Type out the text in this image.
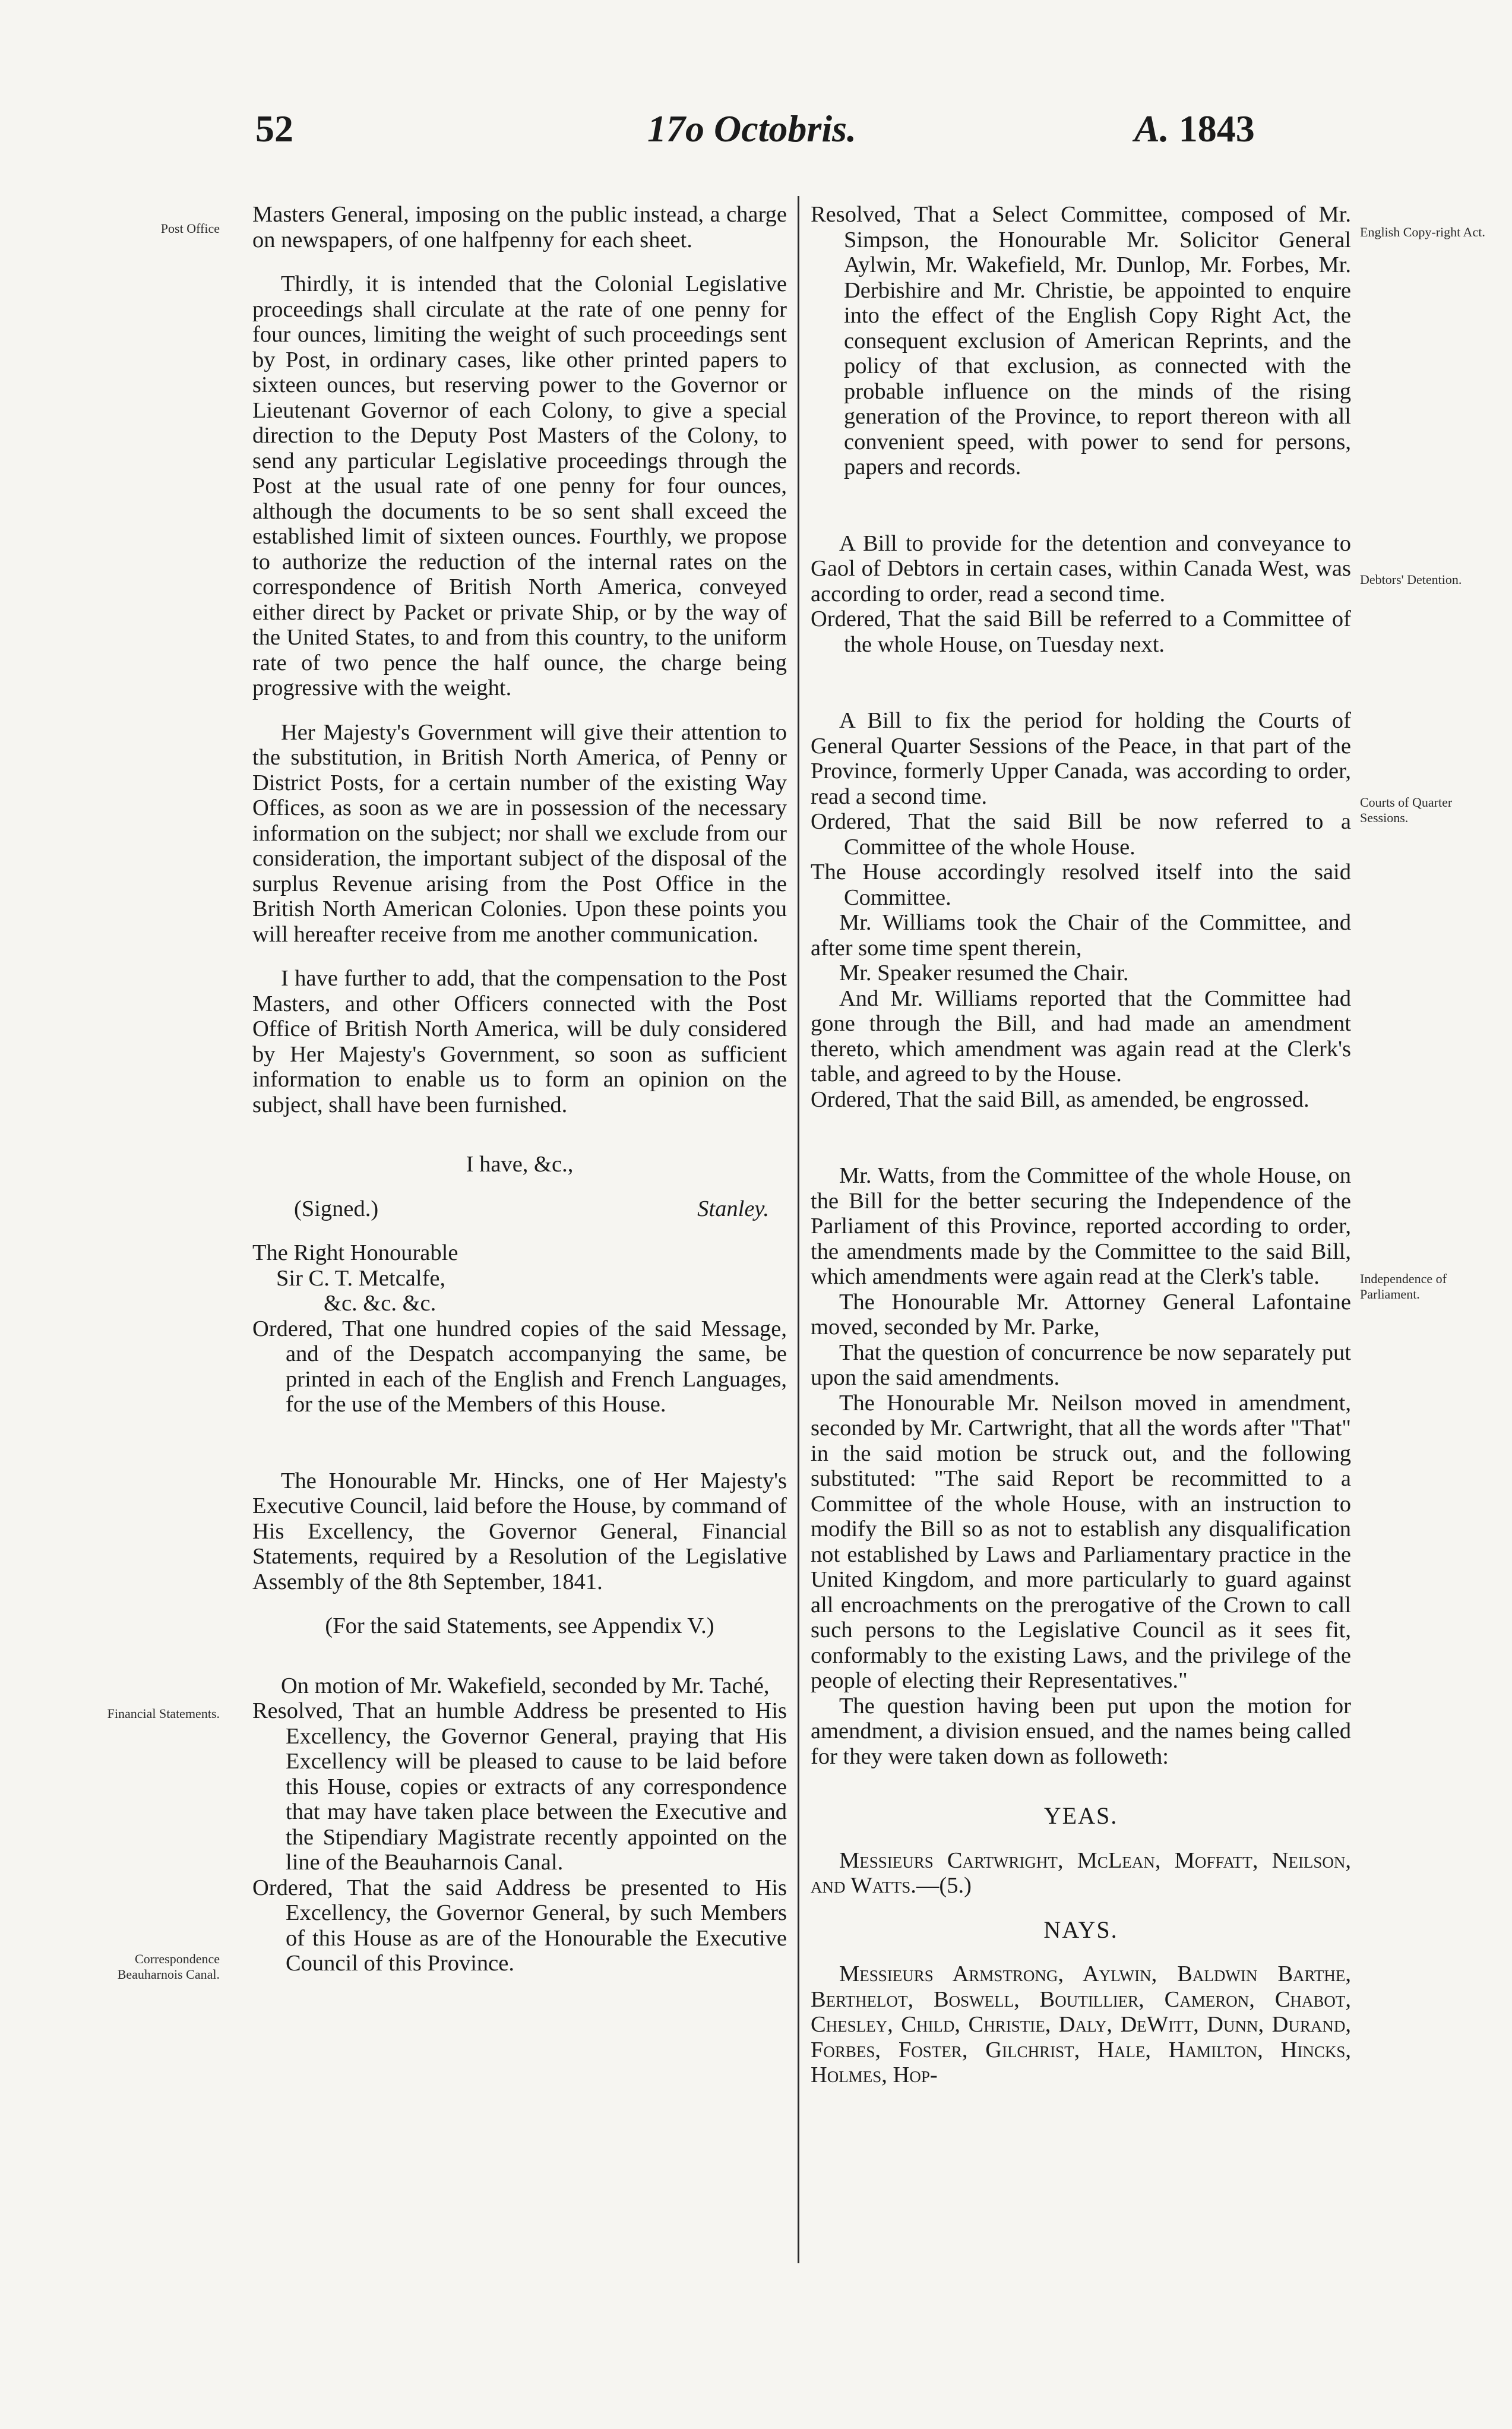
52	17o Octobris.	A. 1843
Post Office
Financial Statements.
Correspondence Beauharnois Canal.
English Copy-right Act.
Debtors' Detention.
Courts of Quarter Sessions.
Independence of Parliament.

Masters General, imposing on the public instead, a charge on newspapers, of one halfpenny for each sheet.

Thirdly, it is intended that the Colonial Legislative proceedings shall circulate at the rate of one penny for four ounces, limiting the weight of such proceedings sent by Post, in ordinary cases, like other printed papers to sixteen ounces, but reserving power to the Governor or Lieutenant Governor of each Colony, to give a special direction to the Deputy Post Masters of the Colony, to send any particular Legislative proceedings through the Post at the usual rate of one penny for four ounces, although the documents to be so sent shall exceed the established limit of sixteen ounces. Fourthly, we propose to authorize the reduction of the internal rates on the correspondence of British North America, conveyed either direct by Packet or private Ship, or by the way of the United States, to and from this country, to the uniform rate of two pence the half ounce, the charge being progressive with the weight.

Her Majesty's Government will give their attention to the substitution, in British North America, of Penny or District Posts, for a certain number of the existing Way Offices, as soon as we are in possession of the necessary information on the subject; nor shall we exclude from our consideration, the important subject of the disposal of the surplus Revenue arising from the Post Office in the British North American Colonies. Upon these points you will hereafter receive from me another communication.

I have further to add, that the compensation to the Post Masters, and other Officers connected with the Post Office of British North America, will be duly considered by Her Majesty's Government, so soon as sufficient information to enable us to form an opinion on the subject, shall have been furnished.

I have, &c.,

(Signed.)	Stanley.

The Right Honourable

Sir C. T. Metcalfe,

&c. &c. &c.

Ordered, That one hundred copies of the said Message, and of the Despatch accompanying the same, be printed in each of the English and French Languages, for the use of the Members of this House.

The Honourable Mr. Hincks, one of Her Majesty's Executive Council, laid before the House, by command of His Excellency, the Governor General, Financial Statements, required by a Resolution of the Legislative Assembly of the 8th September, 1841.

(For the said Statements, see Appendix V.)

On motion of Mr. Wakefield, seconded by Mr. Taché,

Resolved, That an humble Address be presented to His Excellency, the Governor General, praying that His Excellency will be pleased to cause to be laid before this House, copies or extracts of any correspondence that may have taken place between the Executive and the Stipendiary Magistrate recently appointed on the line of the Beauharnois Canal.

Ordered, That the said Address be presented to His Excellency, the Governor General, by such Members of this House as are of the Honourable the Executive Council of this Province.

Resolved, That a Select Committee, composed of Mr. Simpson, the Honourable Mr. Solicitor General Aylwin, Mr. Wakefield, Mr. Dunlop, Mr. Forbes, Mr. Derbishire and Mr. Christie, be appointed to enquire into the effect of the English Copy Right Act, the consequent exclusion of American Reprints, and the policy of that exclusion, as connected with the probable influence on the minds of the rising generation of the Province, to report thereon with all convenient speed, with power to send for persons, papers and records.

A Bill to provide for the detention and conveyance to Gaol of Debtors in certain cases, within Canada West, was according to order, read a second time.

Ordered, That the said Bill be referred to a Committee of the whole House, on Tuesday next.

A Bill to fix the period for holding the Courts of General Quarter Sessions of the Peace, in that part of the Province, formerly Upper Canada, was according to order, read a second time.

Ordered, That the said Bill be now referred to a Committee of the whole House.

The House accordingly resolved itself into the said Committee.

Mr. Williams took the Chair of the Committee, and after some time spent therein,

Mr. Speaker resumed the Chair.

And Mr. Williams reported that the Committee had gone through the Bill, and had made an amendment thereto, which amendment was again read at the Clerk's table, and agreed to by the House.

Ordered, That the said Bill, as amended, be engrossed.

Mr. Watts, from the Committee of the whole House, on the Bill for the better securing the Independence of the Parliament of this Province, reported according to order, the amendments made by the Committee to the said Bill, which amendments were again read at the Clerk's table.

The Honourable Mr. Attorney General Lafontaine moved, seconded by Mr. Parke,

That the question of concurrence be now separately put upon the said amendments.

The Honourable Mr. Neilson moved in amendment, seconded by Mr. Cartwright, that all the words after "That" in the said motion be struck out, and the following substituted: "The said Report be recommitted to a Committee of the whole House, with an instruction to modify the Bill so as not to establish any disqualification not established by Laws and Parliamentary practice in the United Kingdom, and more particularly to guard against all encroachments on the prerogative of the Crown to call such persons to the Legislative Council as it sees fit, conformably to the existing Laws, and the privilege of the people of electing their Representatives."

The question having been put upon the motion for amendment, a division ensued, and the names being called for they were taken down as followeth:

YEAS.

Messieurs Cartwright, McLean, Moffatt, Neilson, and Watts.—(5.)

NAYS.

Messieurs Armstrong, Aylwin, Baldwin Barthe, Berthelot, Boswell, Boutillier, Cameron, Chabot, Chesley, Child, Christie, Daly, DeWitt, Dunn, Durand, Forbes, Foster, Gilchrist, Hale, Hamilton, Hincks, Holmes, Hop-
